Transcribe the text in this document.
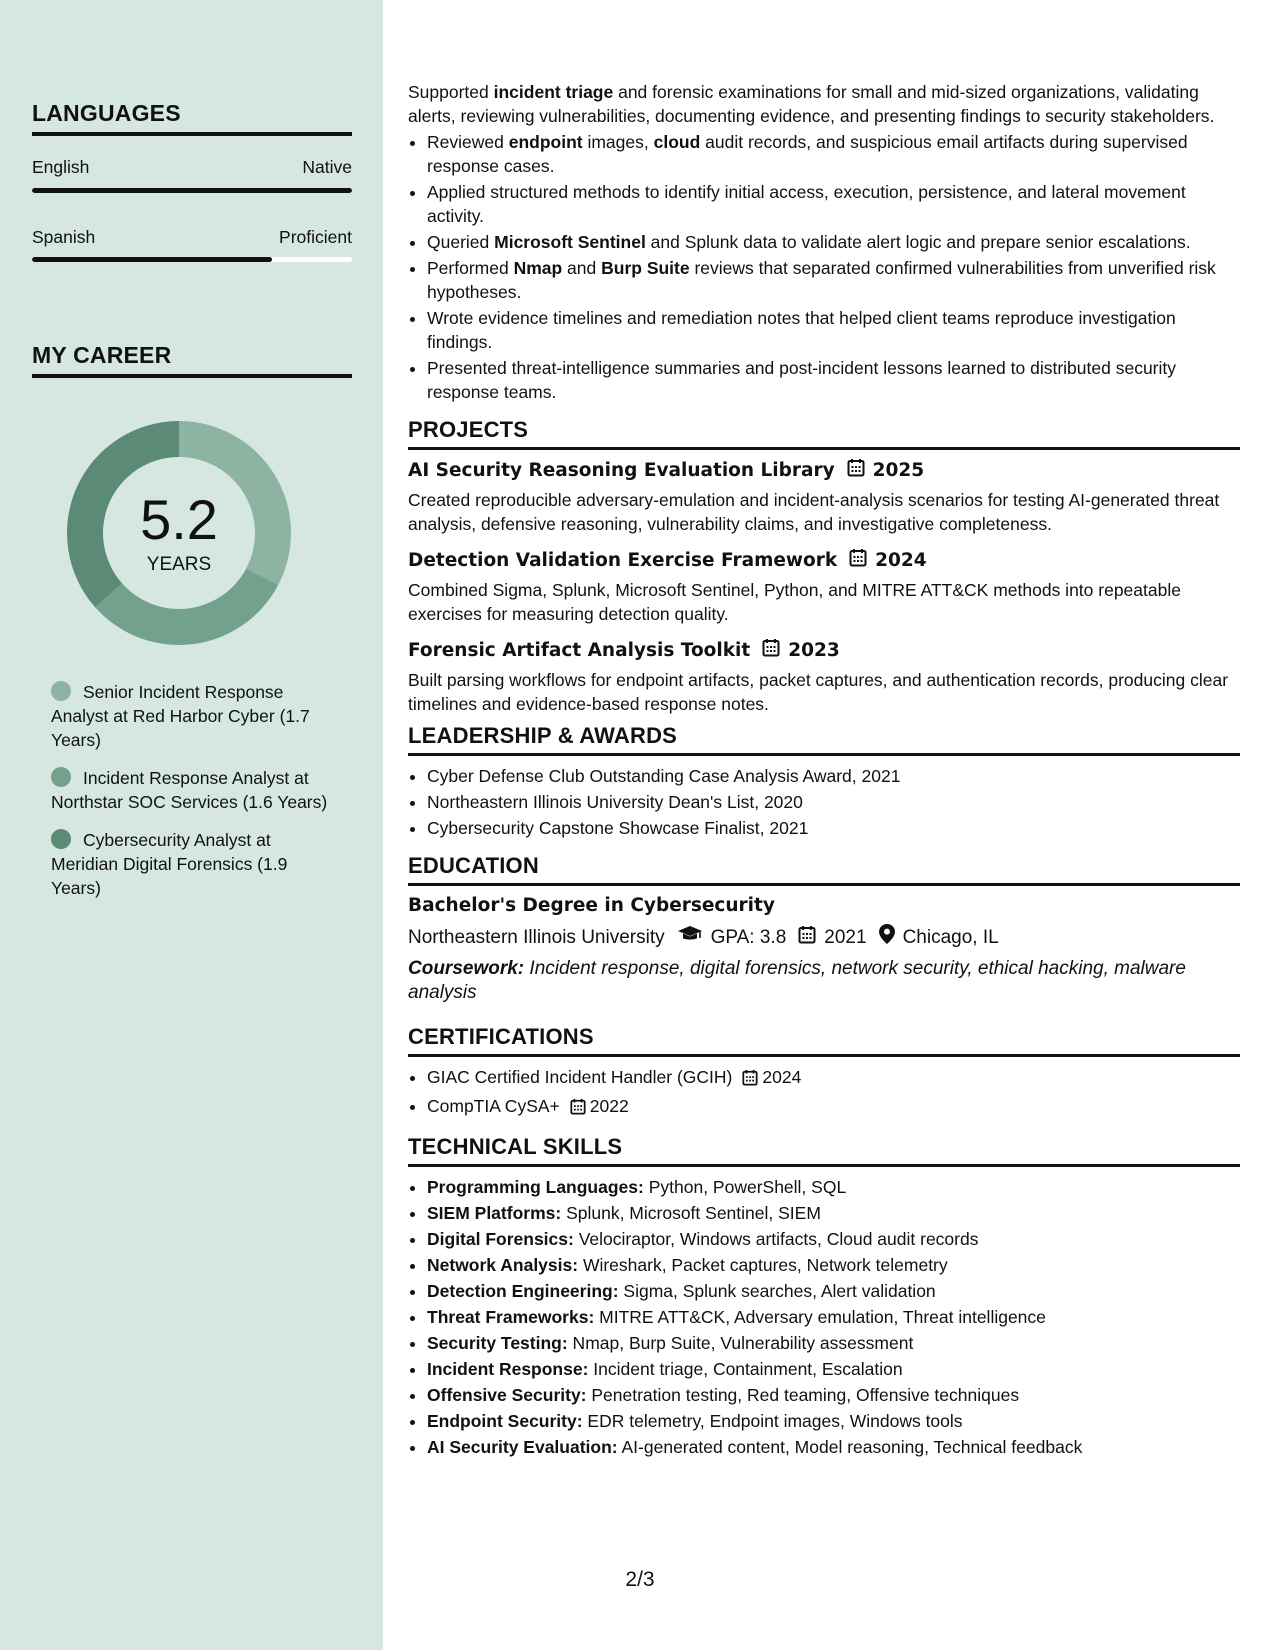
LANGUAGES
English	Native
Spanish	Proficient
MY CAREER
5.2
YEARS
Senior Incident Response Analyst at Red Harbor Cyber (1.7 Years)
Incident Response Analyst at Northstar SOC Services (1.6 Years)
Cybersecurity Analyst at Meridian Digital Forensics (1.9 Years)

Supported incident triage and forensic examinations for small and mid-sized organizations, validating alerts, reviewing vulnerabilities, documenting evidence, and presenting findings to security stakeholders.

• Reviewed endpoint images, cloud audit records, and suspicious email artifacts during supervised response cases.
• Applied structured methods to identify initial access, execution, persistence, and lateral movement activity.
• Queried Microsoft Sentinel and Splunk data to validate alert logic and prepare senior escalations.
• Performed Nmap and Burp Suite reviews that separated confirmed vulnerabilities from unverified risk hypotheses.
• Wrote evidence timelines and remediation notes that helped client teams reproduce investigation findings.
• Presented threat-intelligence summaries and post-incident lessons learned to distributed security response teams.
PROJECTS
AI Security Reasoning Evaluation Library 2025

Created reproducible adversary-emulation and incident-analysis scenarios for testing AI-generated threat analysis, defensive reasoning, vulnerability claims, and investigative completeness.

Detection Validation Exercise Framework 2024

Combined Sigma, Splunk, Microsoft Sentinel, Python, and MITRE ATT&CK methods into repeatable exercises for measuring detection quality.

Forensic Artifact Analysis Toolkit 2023

Built parsing workflows for endpoint artifacts, packet captures, and authentication records, producing clear timelines and evidence-based response notes.

LEADERSHIP & AWARDS
• Cyber Defense Club Outstanding Case Analysis Award, 2021
• Northeastern Illinois University Dean's List, 2020
• Cybersecurity Capstone Showcase Finalist, 2021
EDUCATION
Bachelor's Degree in Cybersecurity
Northeastern Illinois University GPA: 3.8 2021 Chicago, IL

Coursework: Incident response, digital forensics, network security, ethical hacking, malware analysis

CERTIFICATIONS
• GIAC Certified Incident Handler (GCIH) 2024
• CompTIA CySA+ 2022
TECHNICAL SKILLS
• Programming Languages: Python, PowerShell, SQL
• SIEM Platforms: Splunk, Microsoft Sentinel, SIEM
• Digital Forensics: Velociraptor, Windows artifacts, Cloud audit records
• Network Analysis: Wireshark, Packet captures, Network telemetry
• Detection Engineering: Sigma, Splunk searches, Alert validation
• Threat Frameworks: MITRE ATT&CK, Adversary emulation, Threat intelligence
• Security Testing: Nmap, Burp Suite, Vulnerability assessment
• Incident Response: Incident triage, Containment, Escalation
• Offensive Security: Penetration testing, Red teaming, Offensive techniques
• Endpoint Security: EDR telemetry, Endpoint images, Windows tools
• AI Security Evaluation: AI-generated content, Model reasoning, Technical feedback
2/3
